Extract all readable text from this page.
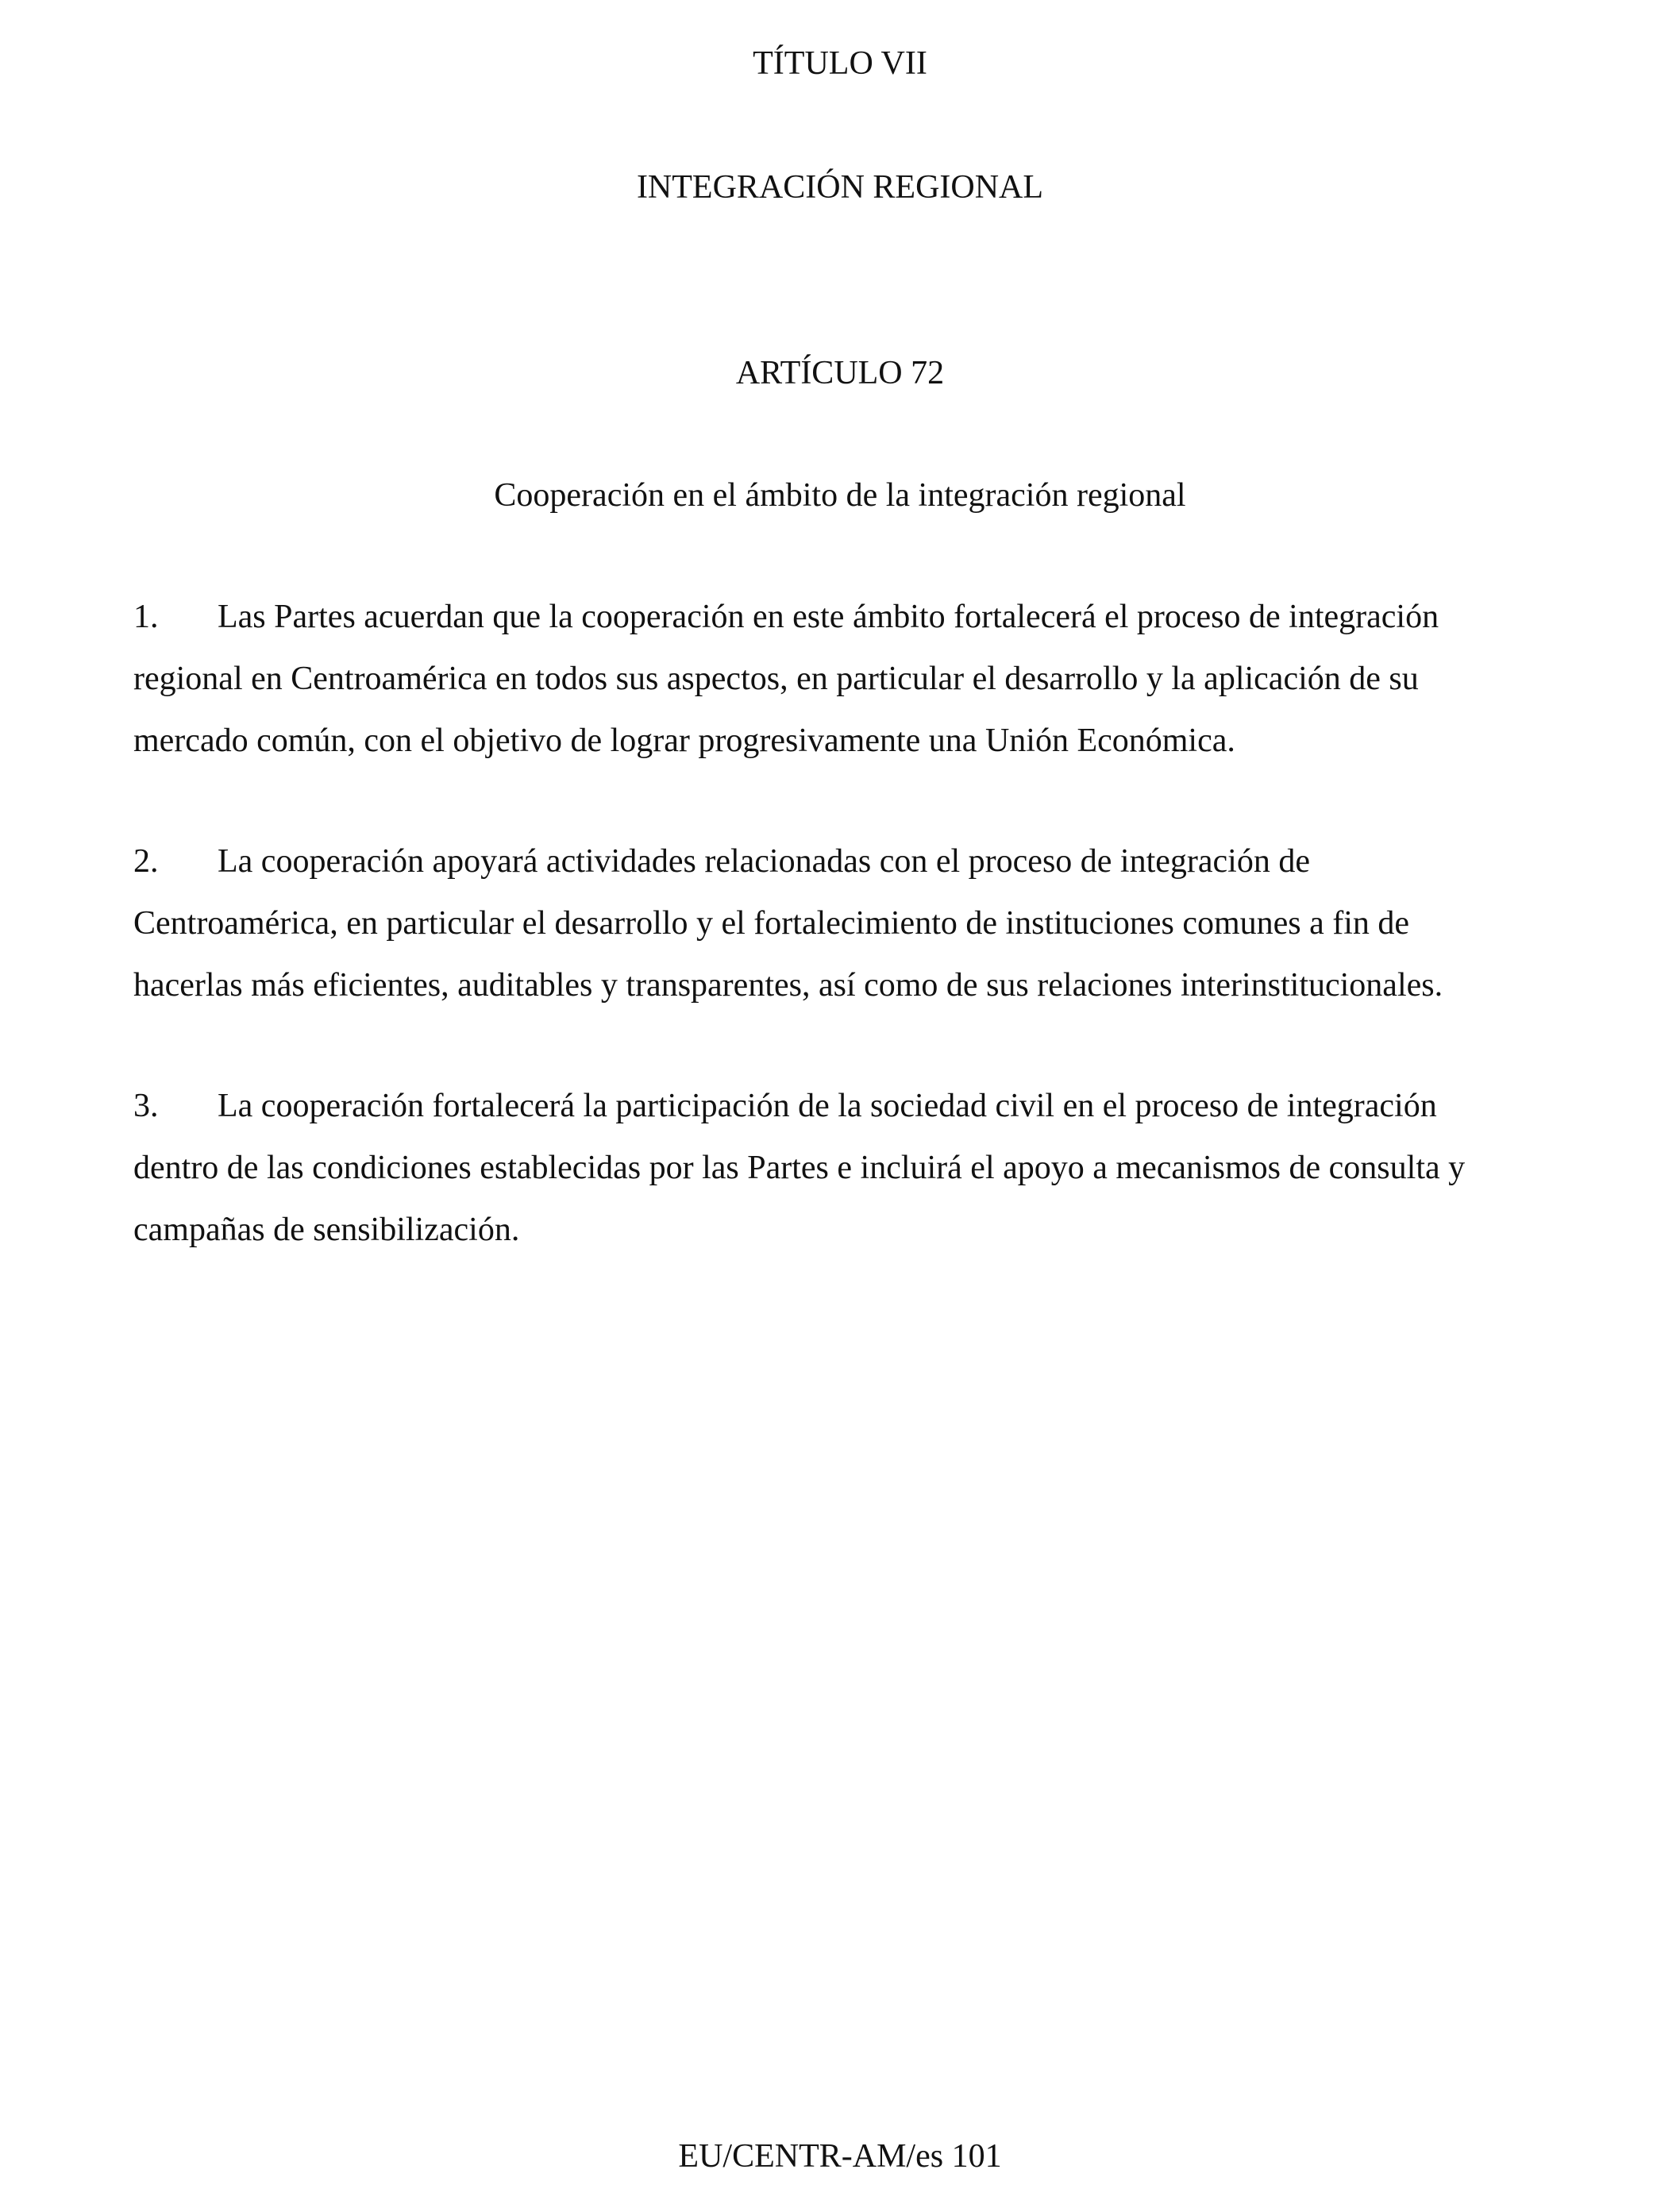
TÍTULO VII
INTEGRACIÓN REGIONAL
ARTÍCULO 72
Cooperación en el ámbito de la integración regional
1. Las Partes acuerdan que la cooperación en este ámbito fortalecerá el proceso de integración
regional en Centroamérica en todos sus aspectos, en particular el desarrollo y la aplicación de su
mercado común, con el objetivo de lograr progresivamente una Unión Económica.
2. La cooperación apoyará actividades relacionadas con el proceso de integración de
Centroamérica, en particular el desarrollo y el fortalecimiento de instituciones comunes a fin de
hacerlas más eficientes, auditables y transparentes, así como de sus relaciones interinstitucionales.
3. La cooperación fortalecerá la participación de la sociedad civil en el proceso de integración
dentro de las condiciones establecidas por las Partes e incluirá el apoyo a mecanismos de consulta y
campañas de sensibilización.
EU/CENTR-AM/es 101
